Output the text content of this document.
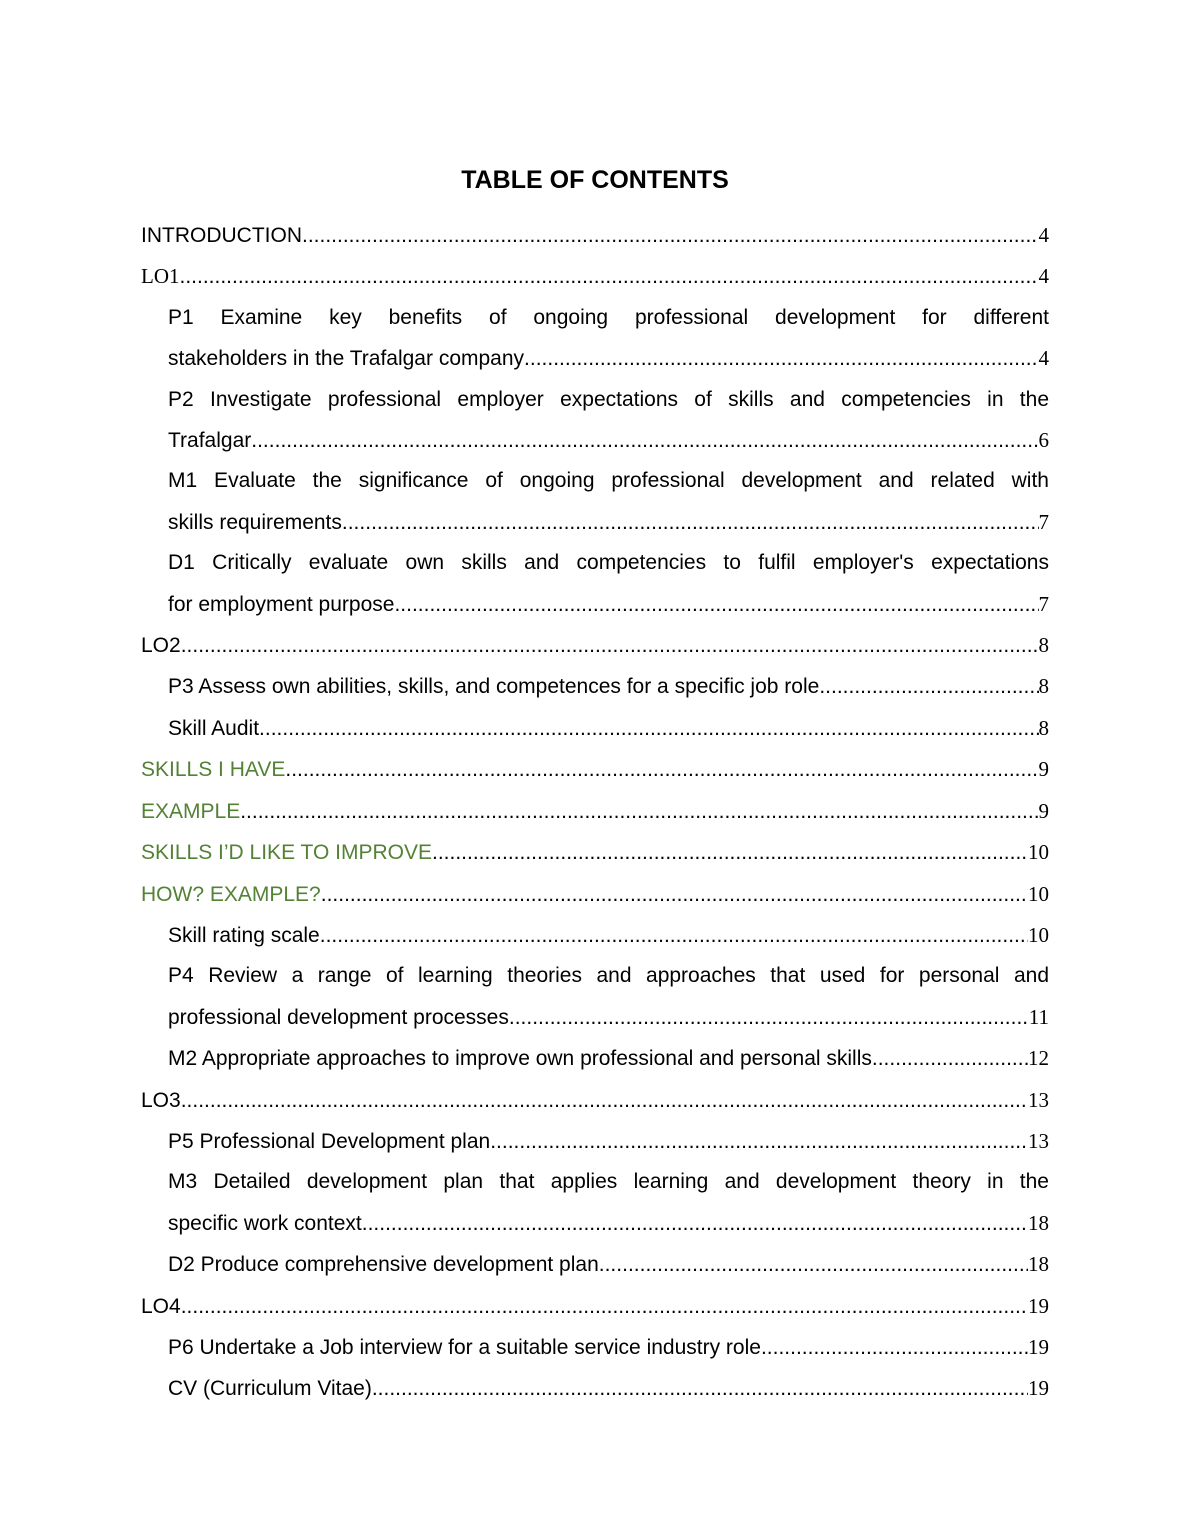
TABLE OF CONTENTS
INTRODUCTION .....	4
LO1 .....	4
P1 Examine key benefits of ongoing professional development for different
stakeholders in the Trafalgar company .....	4
P2 Investigate professional employer expectations of skills and competencies in the
Trafalgar .....	6
M1 Evaluate the significance of ongoing professional development and related with
skills requirements .....	7
D1 Critically evaluate own skills and competencies to fulfil employer's expectations
for employment purpose .....	7
LO2 .....	8
P3 Assess own abilities, skills, and competences for a specific job role .....	8
Skill Audit .....	8
SKILLS I HAVE .....	9
EXAMPLE .....	9
SKILLS I’D LIKE TO IMPROVE .....	10
HOW? EXAMPLE? .....	10
Skill rating scale .....	10
P4 Review a range of learning theories and approaches that used for personal and
professional development processes .....	11
M2 Appropriate approaches to improve own professional and personal skills .....	12
LO3 .....	13
P5 Professional Development plan .....	13
M3 Detailed development plan that applies learning and development theory in the
specific work context .....	18
D2 Produce comprehensive development plan .....	18
LO4 .....	19
P6 Undertake a Job interview for a suitable service industry role .....	19
CV (Curriculum Vitae) .....	19
